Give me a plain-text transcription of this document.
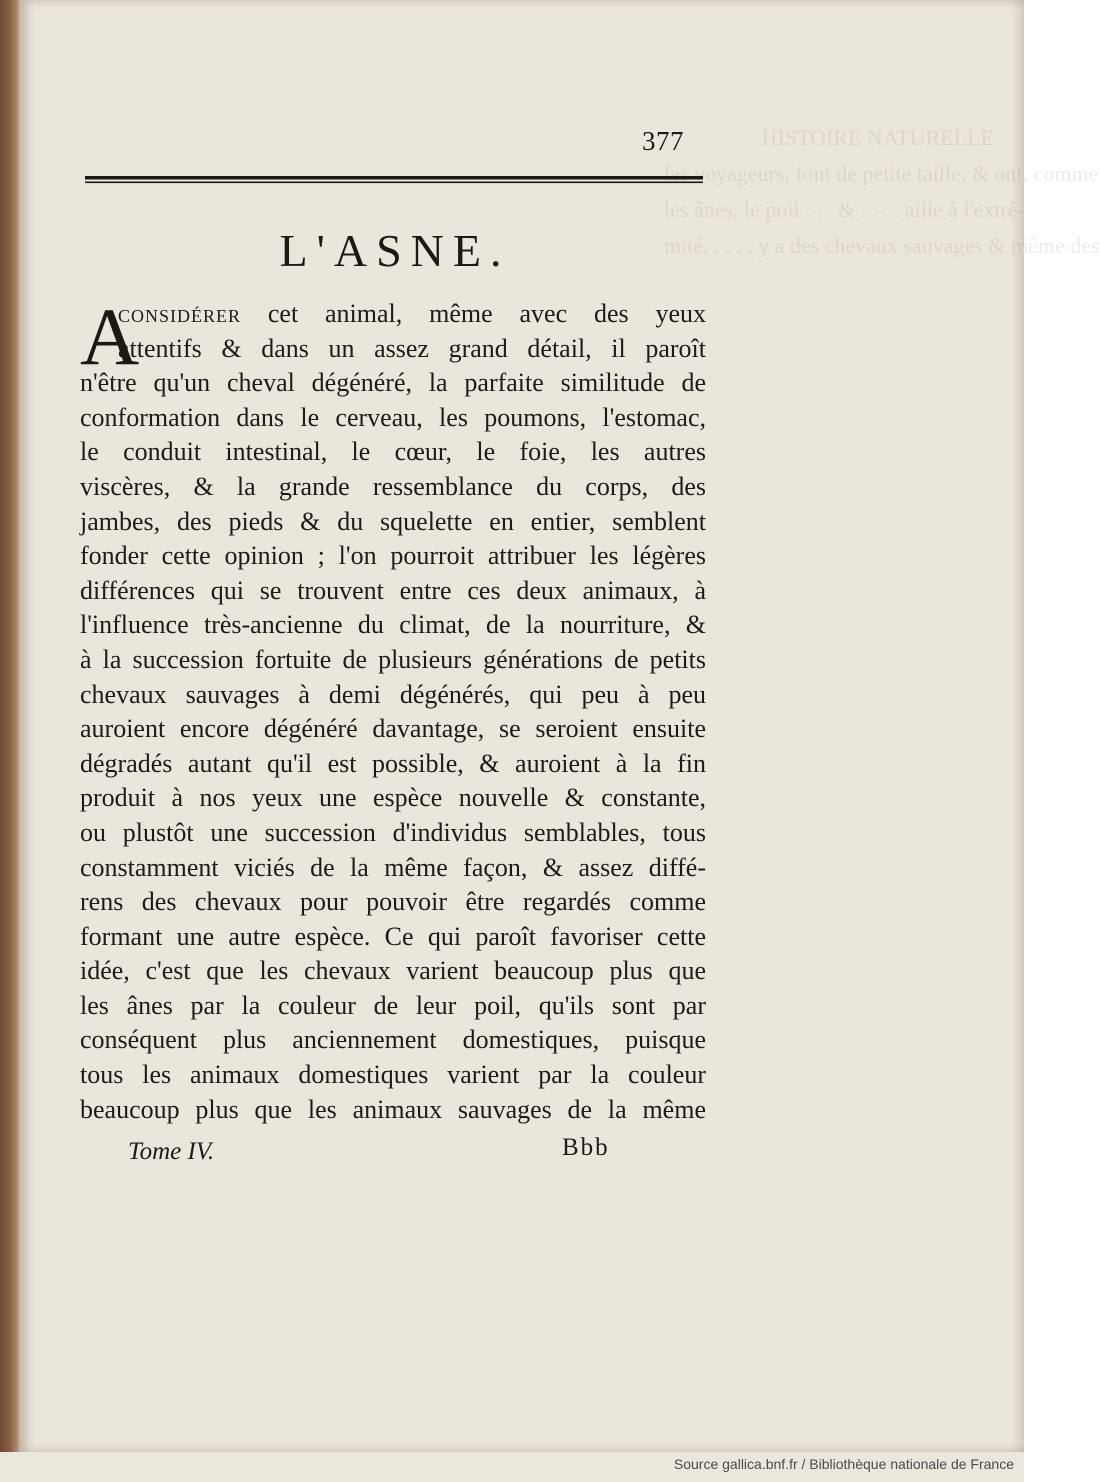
HISTOIRE NATURELLE
les voyageurs, font de petite taille, & ont, comme
les ânes, le poil . . . & . . . . aille à l'extré-
mité, . . . . y a des chevaux sauvages & même des
377
L'ASNE.
A
considérer cet animal, même avec des yeux
attentifs & dans un assez grand détail, il paroît
n'être qu'un cheval dégénéré, la parfaite similitude de
conformation dans le cerveau, les poumons, l'estomac,
le conduit intestinal, le cœur, le foie, les autres
viscères, & la grande ressemblance du corps, des
jambes, des pieds & du squelette en entier, semblent
fonder cette opinion ; l'on pourroit attribuer les légères
différences qui se trouvent entre ces deux animaux, à
l'influence très-ancienne du climat, de la nourriture, &
à la succession fortuite de plusieurs générations de petits
chevaux sauvages à demi dégénérés, qui peu à peu
auroient encore dégénéré davantage, se seroient ensuite
dégradés autant qu'il est possible, & auroient à la fin
produit à nos yeux une espèce nouvelle & constante,
ou plustôt une succession d'individus semblables, tous
constamment viciés de la même façon, & assez diffé-
rens des chevaux pour pouvoir être regardés comme
formant une autre espèce. Ce qui paroît favoriser cette
idée, c'est que les chevaux varient beaucoup plus que
les ânes par la couleur de leur poil, qu'ils sont par
conséquent plus anciennement domestiques, puisque
tous les animaux domestiques varient par la couleur
beaucoup plus que les animaux sauvages de la même
Tome IV.	Bbb
Source gallica.bnf.fr / Bibliothèque nationale de France
